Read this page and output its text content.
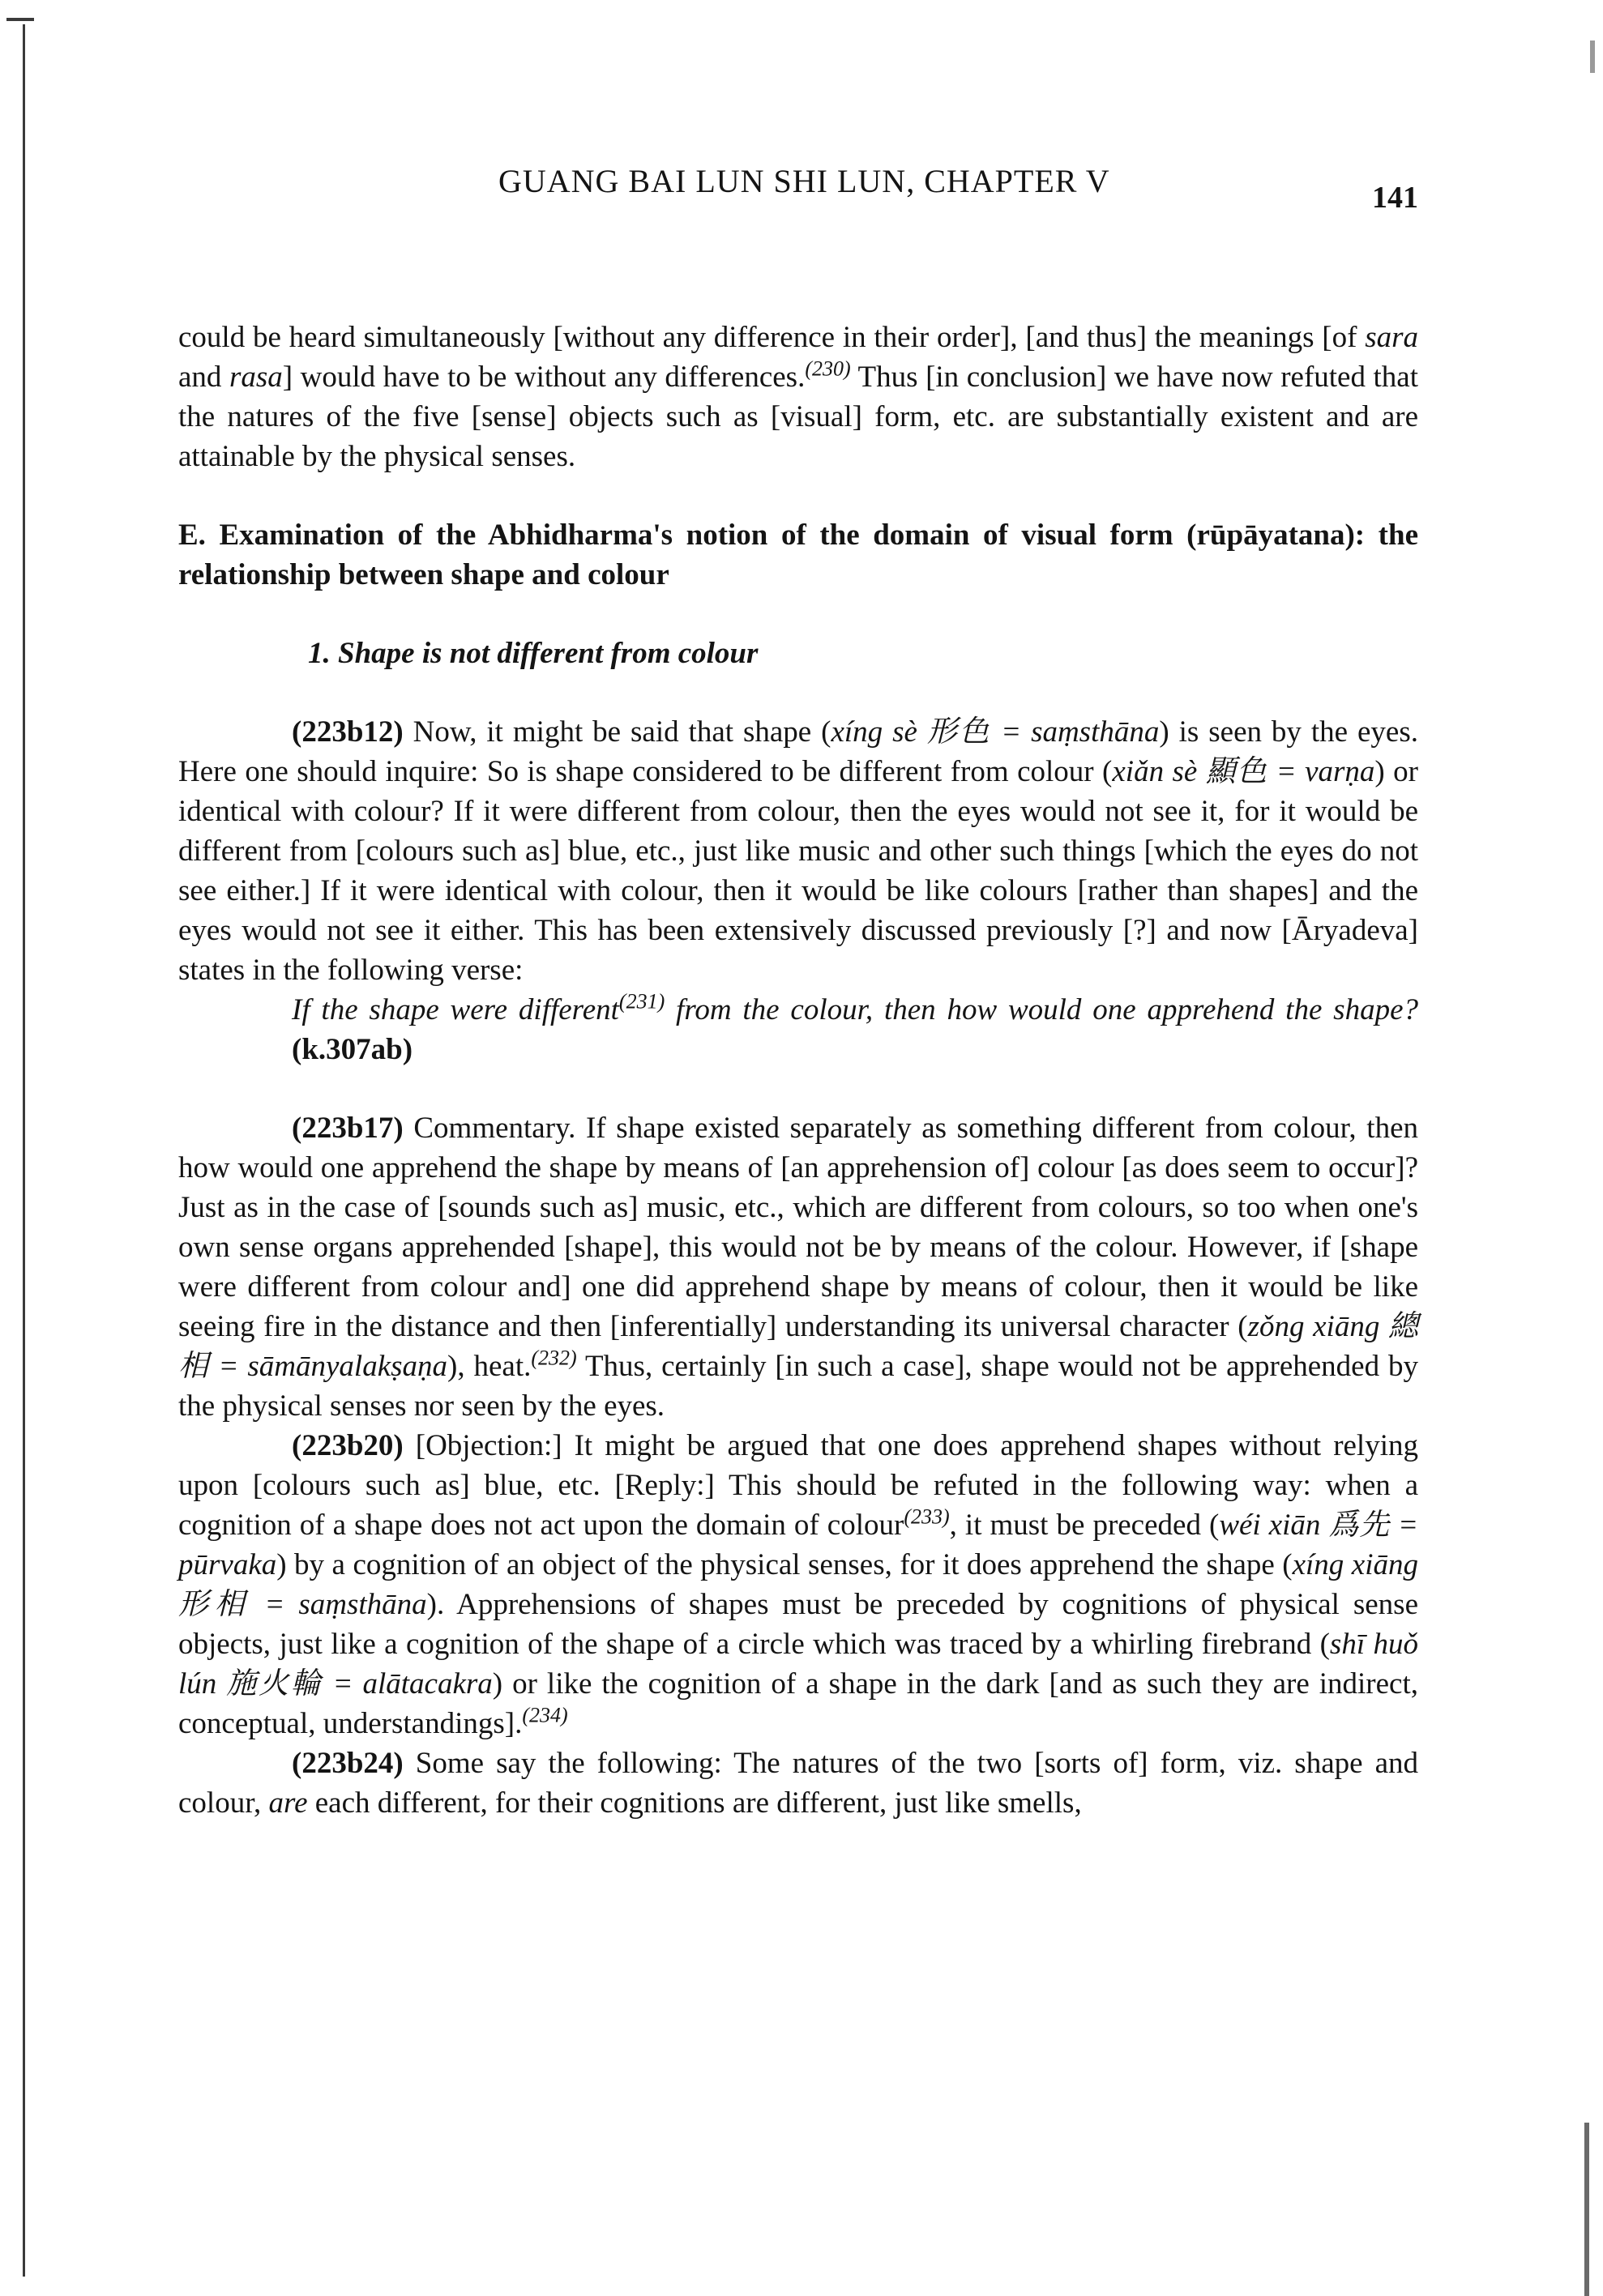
GUANG BAI LUN SHI LUN, CHAPTER V	141

could be heard simultaneously [without any difference in their order], [and thus] the meanings [of sara and rasa] would have to be without any differences.$^{(230)}$ Thus [in conclusion] we have now refuted that the natures of the five [sense] objects such as [visual] form, etc. are substantially existent and are attainable by the physical senses.

E. Examination of the Abhidharma's notion of the domain of visual form (rūpāyatana): the relationship between shape and colour

1. Shape is not different from colour

(223b12) Now, it might be said that shape (xíng sè 形色 = saṃsthāna) is seen by the eyes. Here one should inquire: So is shape considered to be different from colour (xiǎn sè 顯色 = varṇa) or identical with colour? If it were different from colour, then the eyes would not see it, for it would be different from [colours such as] blue, etc., just like music and other such things [which the eyes do not see either.] If it were identical with colour, then it would be like colours [rather than shapes] and the eyes would not see it either. This has been extensively discussed previously [?] and now [Āryadeva] states in the following verse:

If the shape were different$^{(231)}$ from the colour, then how would one apprehend the shape? (k.307ab)

(223b17) Commentary. If shape existed separately as something different from colour, then how would one apprehend the shape by means of [an apprehension of] colour [as does seem to occur]? Just as in the case of [sounds such as] music, etc., which are different from colours, so too when one's own sense organs apprehended [shape], this would not be by means of the colour. However, if [shape were different from colour and] one did apprehend shape by means of colour, then it would be like seeing fire in the distance and then [inferentially] understanding its universal character (zǒng xiāng 總相 = sāmānyalakṣaṇa), heat.$^{(232)}$ Thus, certainly [in such a case], shape would not be apprehended by the physical senses nor seen by the eyes.

(223b20) [Objection:] It might be argued that one does apprehend shapes without relying upon [colours such as] blue, etc. [Reply:] This should be refuted in the following way: when a cognition of a shape does not act upon the domain of colour$^{(233)}$, it must be preceded (wéi xiān 爲先 = pūrvaka) by a cognition of an object of the physical senses, for it does apprehend the shape (xíng xiāng 形相 = saṃsthāna). Apprehensions of shapes must be preceded by cognitions of physical sense objects, just like a cognition of the shape of a circle which was traced by a whirling firebrand (shī huǒ lún 施火輪 = alātacakra) or like the cognition of a shape in the dark [and as such they are indirect, conceptual, understandings].$^{(234)}$

(223b24) Some say the following: The natures of the two [sorts of] form, viz. shape and colour, are each different, for their cognitions are different, just like smells,
